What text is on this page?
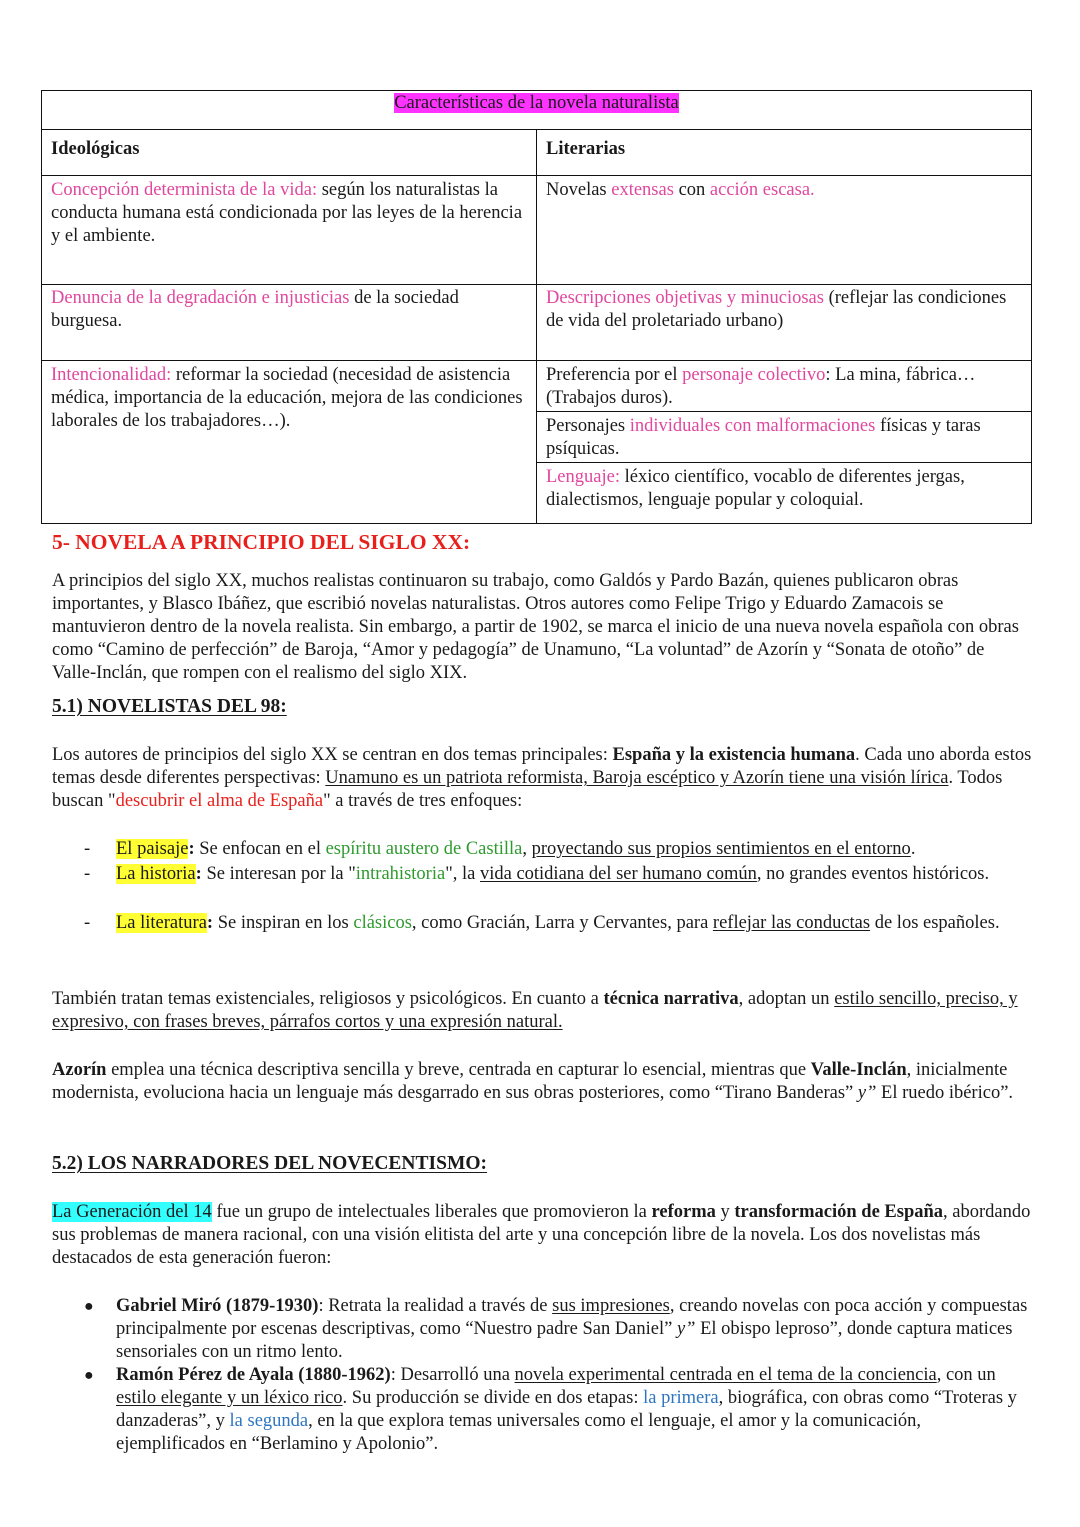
Características de la novela naturalista	
Ideológicas	Literarias
Concepción determinista de la vida: según los naturalistas la conducta humana está condicionada por las leyes de la herencia y el ambiente.	Novelas extensas con acción escasa.
Denuncia de la degradación e injusticias de la sociedad burguesa.	Descripciones objetivas y minuciosas (reflejar las condiciones de vida del proletariado urbano)
Intencionalidad: reformar la sociedad (necesidad de asistencia médica, importancia de la educación, mejora de las condiciones laborales de los trabajadores…).	Preferencia por el personaje colectivo: La mina, fábrica… (Trabajos duros).
	Personajes individuales con malformaciones físicas y taras psíquicas.
	Lenguaje: léxico científico, vocablo de diferentes jergas, dialectismos, lenguaje popular y coloquial.
5- NOVELA A PRINCIPIO DEL SIGLO XX:

A principios del siglo XX, muchos realistas continuaron su trabajo, como Galdós y Pardo Bazán, quienes publicaron obras importantes, y Blasco Ibáñez, que escribió novelas naturalistas. Otros autores como Felipe Trigo y Eduardo Zamacois se mantuvieron dentro de la novela realista. Sin embargo, a partir de 1902, se marca el inicio de una nueva novela española con obras como “Camino de perfección” de Baroja, “Amor y pedagogía” de Unamuno, “La voluntad” de Azorín y “Sonata de otoño” de Valle-Inclán, que rompen con el realismo del siglo XIX.

5.1) NOVELISTAS DEL 98:

Los autores de principios del siglo XX se centran en dos temas principales: España y la existencia humana. Cada uno aborda estos temas desde diferentes perspectivas: Unamuno es un patriota reformista, Baroja escéptico y Azorín tiene una visión lírica. Todos buscan "descubrir el alma de España" a través de tres enfoques:

- El paisaje: Se enfocan en el espíritu austero de Castilla, proyectando sus propios sentimientos en el entorno.
- La historia: Se interesan por la "intrahistoria", la vida cotidiana del ser humano común, no grandes eventos históricos.
- La literatura: Se inspiran en los clásicos, como Gracián, Larra y Cervantes, para reflejar las conductas de los españoles.

También tratan temas existenciales, religiosos y psicológicos. En cuanto a técnica narrativa, adoptan un estilo sencillo, preciso, y expresivo, con frases breves, párrafos cortos y una expresión natural.

Azorín emplea una técnica descriptiva sencilla y breve, centrada en capturar lo esencial, mientras que Valle-Inclán, inicialmente modernista, evoluciona hacia un lenguaje más desgarrado en sus obras posteriores, como “Tirano Banderas” y” El ruedo ibérico”.

5.2) LOS NARRADORES DEL NOVECENTISMO:

La Generación del 14 fue un grupo de intelectuales liberales que promovieron la reforma y transformación de España, abordando sus problemas de manera racional, con una visión elitista del arte y una concepción libre de la novela. Los dos novelistas más destacados de esta generación fueron:

● Gabriel Miró (1879-1930): Retrata la realidad a través de sus impresiones, creando novelas con poca acción y compuestas principalmente por escenas descriptivas, como “Nuestro padre San Daniel” y” El obispo leproso”, donde captura matices sensoriales con un ritmo lento.
● Ramón Pérez de Ayala (1880-1962): Desarrolló una novela experimental centrada en el tema de la conciencia, con un estilo elegante y un léxico rico. Su producción se divide en dos etapas: la primera, biográfica, con obras como “Troteras y danzaderas”, y la segunda, en la que explora temas universales como el lenguaje, el amor y la comunicación, ejemplificados en “Berlamino y Apolonio”.
